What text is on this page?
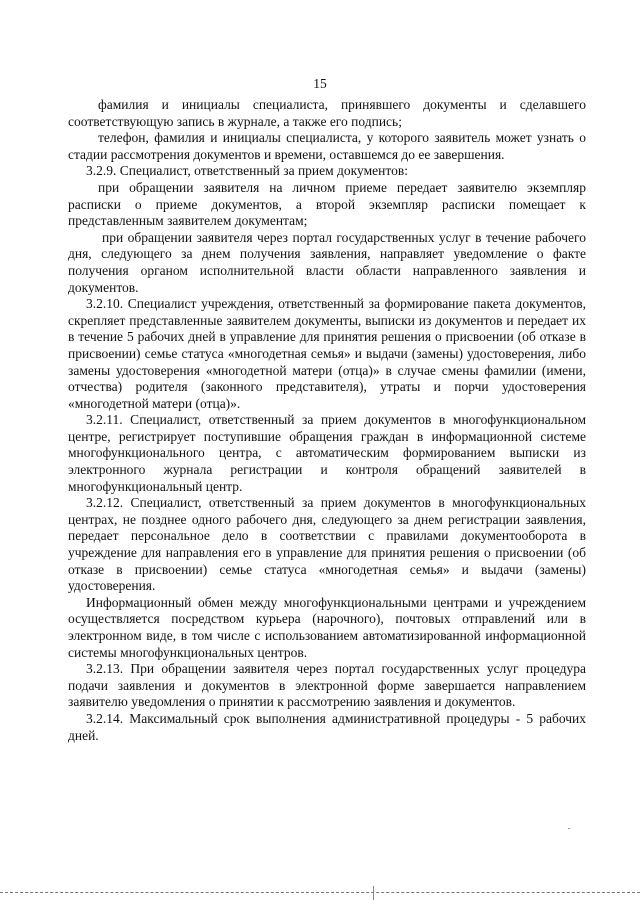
15

фамилия и инициалы специалиста, принявшего документы и сделавшего соответствующую запись в журнале, а также его подпись;

телефон, фамилия и инициалы специалиста, у которого заявитель может узнать о стадии рассмотрения документов и времени, оставшемся до ее завершения.

3.2.9. Специалист, ответственный за прием документов:

при обращении заявителя на личном приеме передает заявителю экземпляр расписки о приеме документов, а второй экземпляр расписки помещает к представленным заявителем документам;

при обращении заявителя через портал государственных услуг в течение рабочего дня, следующего за днем получения заявления, направляет уведомление о факте получения органом исполнительной власти области направленного заявления и документов.

3.2.10. Специалист учреждения, ответственный за формирование пакета документов, скрепляет представленные заявителем документы, выписки из документов и передает их в течение 5 рабочих дней в управление для принятия решения о присвоении (об отказе в присвоении) семье статуса «многодетная семья» и выдачи (замены) удостоверения, либо замены удостоверения «многодетной матери (отца)» в случае смены фамилии (имени, отчества) родителя (законного представителя), утраты и порчи удостоверения «многодетной матери (отца)».

3.2.11. Специалист, ответственный за прием документов в многофункциональном центре, регистрирует поступившие обращения граждан в информационной системе многофункционального центра, с автоматическим формированием выписки из электронного журнала регистрации и контроля обращений заявителей в многофункциональный центр.

3.2.12. Специалист, ответственный за прием документов в многофункциональных центрах, не позднее одного рабочего дня, следующего за днем регистрации заявления, передает персональное дело в соответствии с правилами документооборота в учреждение для направления его в управление для принятия решения о присвоении (об отказе в присвоении) семье статуса «многодетная семья» и выдачи (замены) удостоверения.

Информационный обмен между многофункциональными центрами и учреждением осуществляется посредством курьера (нарочного), почтовых отправлений или в электронном виде, в том числе с использованием автоматизированной информационной системы многофункциональных центров.

3.2.13. При обращении заявителя через портал государственных услуг процедура подачи заявления и документов в электронной форме завершается направлением заявителю уведомления о принятии к рассмотрению заявления и документов.

3.2.14. Максимальный срок выполнения административной процедуры - 5 рабочих дней.
